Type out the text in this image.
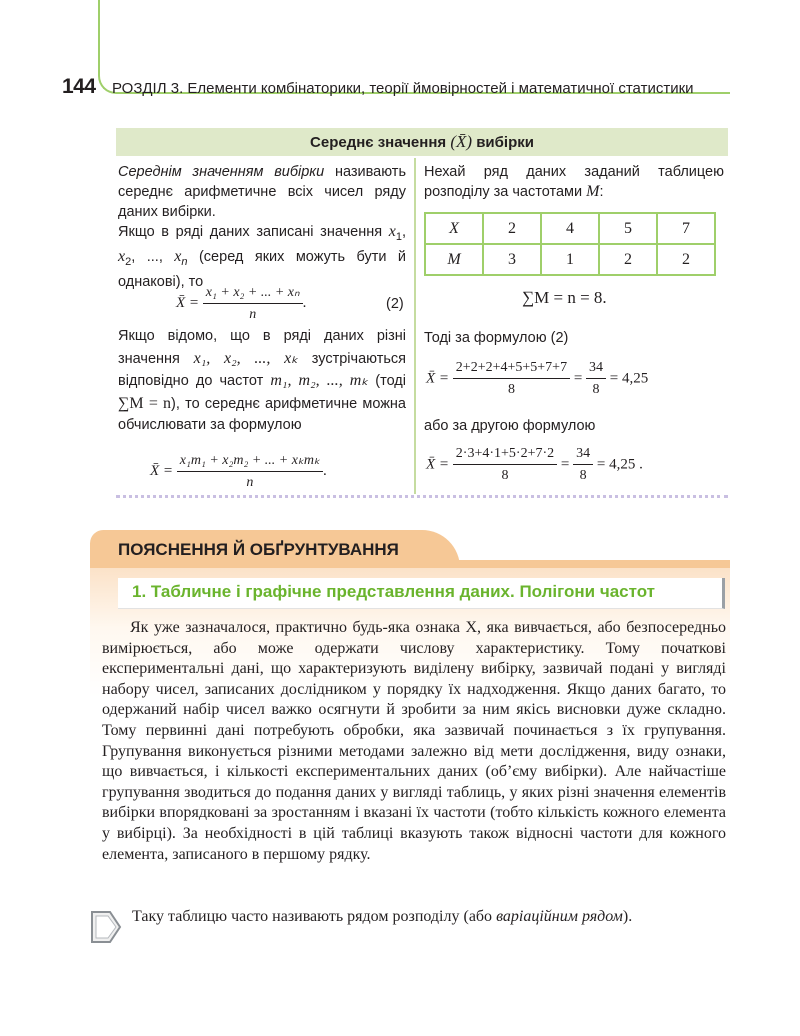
144 РОЗДІЛ 3. Елементи комбінаторики, теорії ймовірностей і математичної статистики
Середнє значення (X̄) вибірки
Середнім значенням вибірки називають середнє арифметичне всіх чисел ряду даних вибірки.
Якщо в ряді даних записані значення $x_1$, $x_2$, ..., $x_n$ (серед яких можуть бути й однакові), то
X̄ = $\frac{\text{x₁ + x₂ + ... + xₙ}}{n}$ .	(2)
Якщо відомо, що в ряді даних різні значення x₁, x₂, ..., xₖ зустрічаються відповідно до частот m₁, m₂, ..., mₖ (тоді ∑M = n), то середнє арифметичне можна обчислювати за формулою
X̄ = $\frac{\text{x₁m₁ + x₂m₂ + ... + xₖmₖ}}{n}$ .
Нехай ряд даних заданий таблицею розподілу за частотами M:
X	2	4	5	7
M	3	1	2	2
∑M = n = 8.
Тоді за формулою (2)
X̄ = $\frac{2+2+2+4+5+5+7+7}{8} = \frac{34}{8} = 4,25$
або за другою формулою
X̄ = $\frac{2\cdot 3+4\cdot 1+5\cdot 2+7\cdot 2}{8} = \frac{34}{8} = 4,25$ .
ПОЯСНЕННЯ Й ОБҐРУНТУВАННЯ
1. Табличне і графічне представлення даних. Полігони частот
Як уже зазначалося, практично будь-яка ознака X, яка вивчається, або безпосередньо вимірюється, або може одержати числову характеристику. Тому початкові експериментальні дані, що характеризують виділену вибірку, зазвичай подані у вигляді набору чисел, записаних дослідником у порядку їх надходження. Якщо даних багато, то одержаний набір чисел важко осягнути й зробити за ним якісь висновки дуже складно. Тому первинні дані потребують обробки, яка зазвичай починається з їх групування. Групування виконується різними методами залежно від мети дослідження, виду ознаки, що вивчається, і кількості експериментальних даних (об’єму вибірки). Але найчастіше групування зводиться до подання даних у вигляді таблиць, у яких різні значення елементів вибірки впорядковані за зростанням і вказані їх частоти (тобто кількість кожного елемента у вибірці). За необхідності в цій таблиці вказують також відносні частоти для кожного елемента, записаного в першому рядку.
Таку таблицю часто називають рядом розподілу (або варіаційним рядом).
